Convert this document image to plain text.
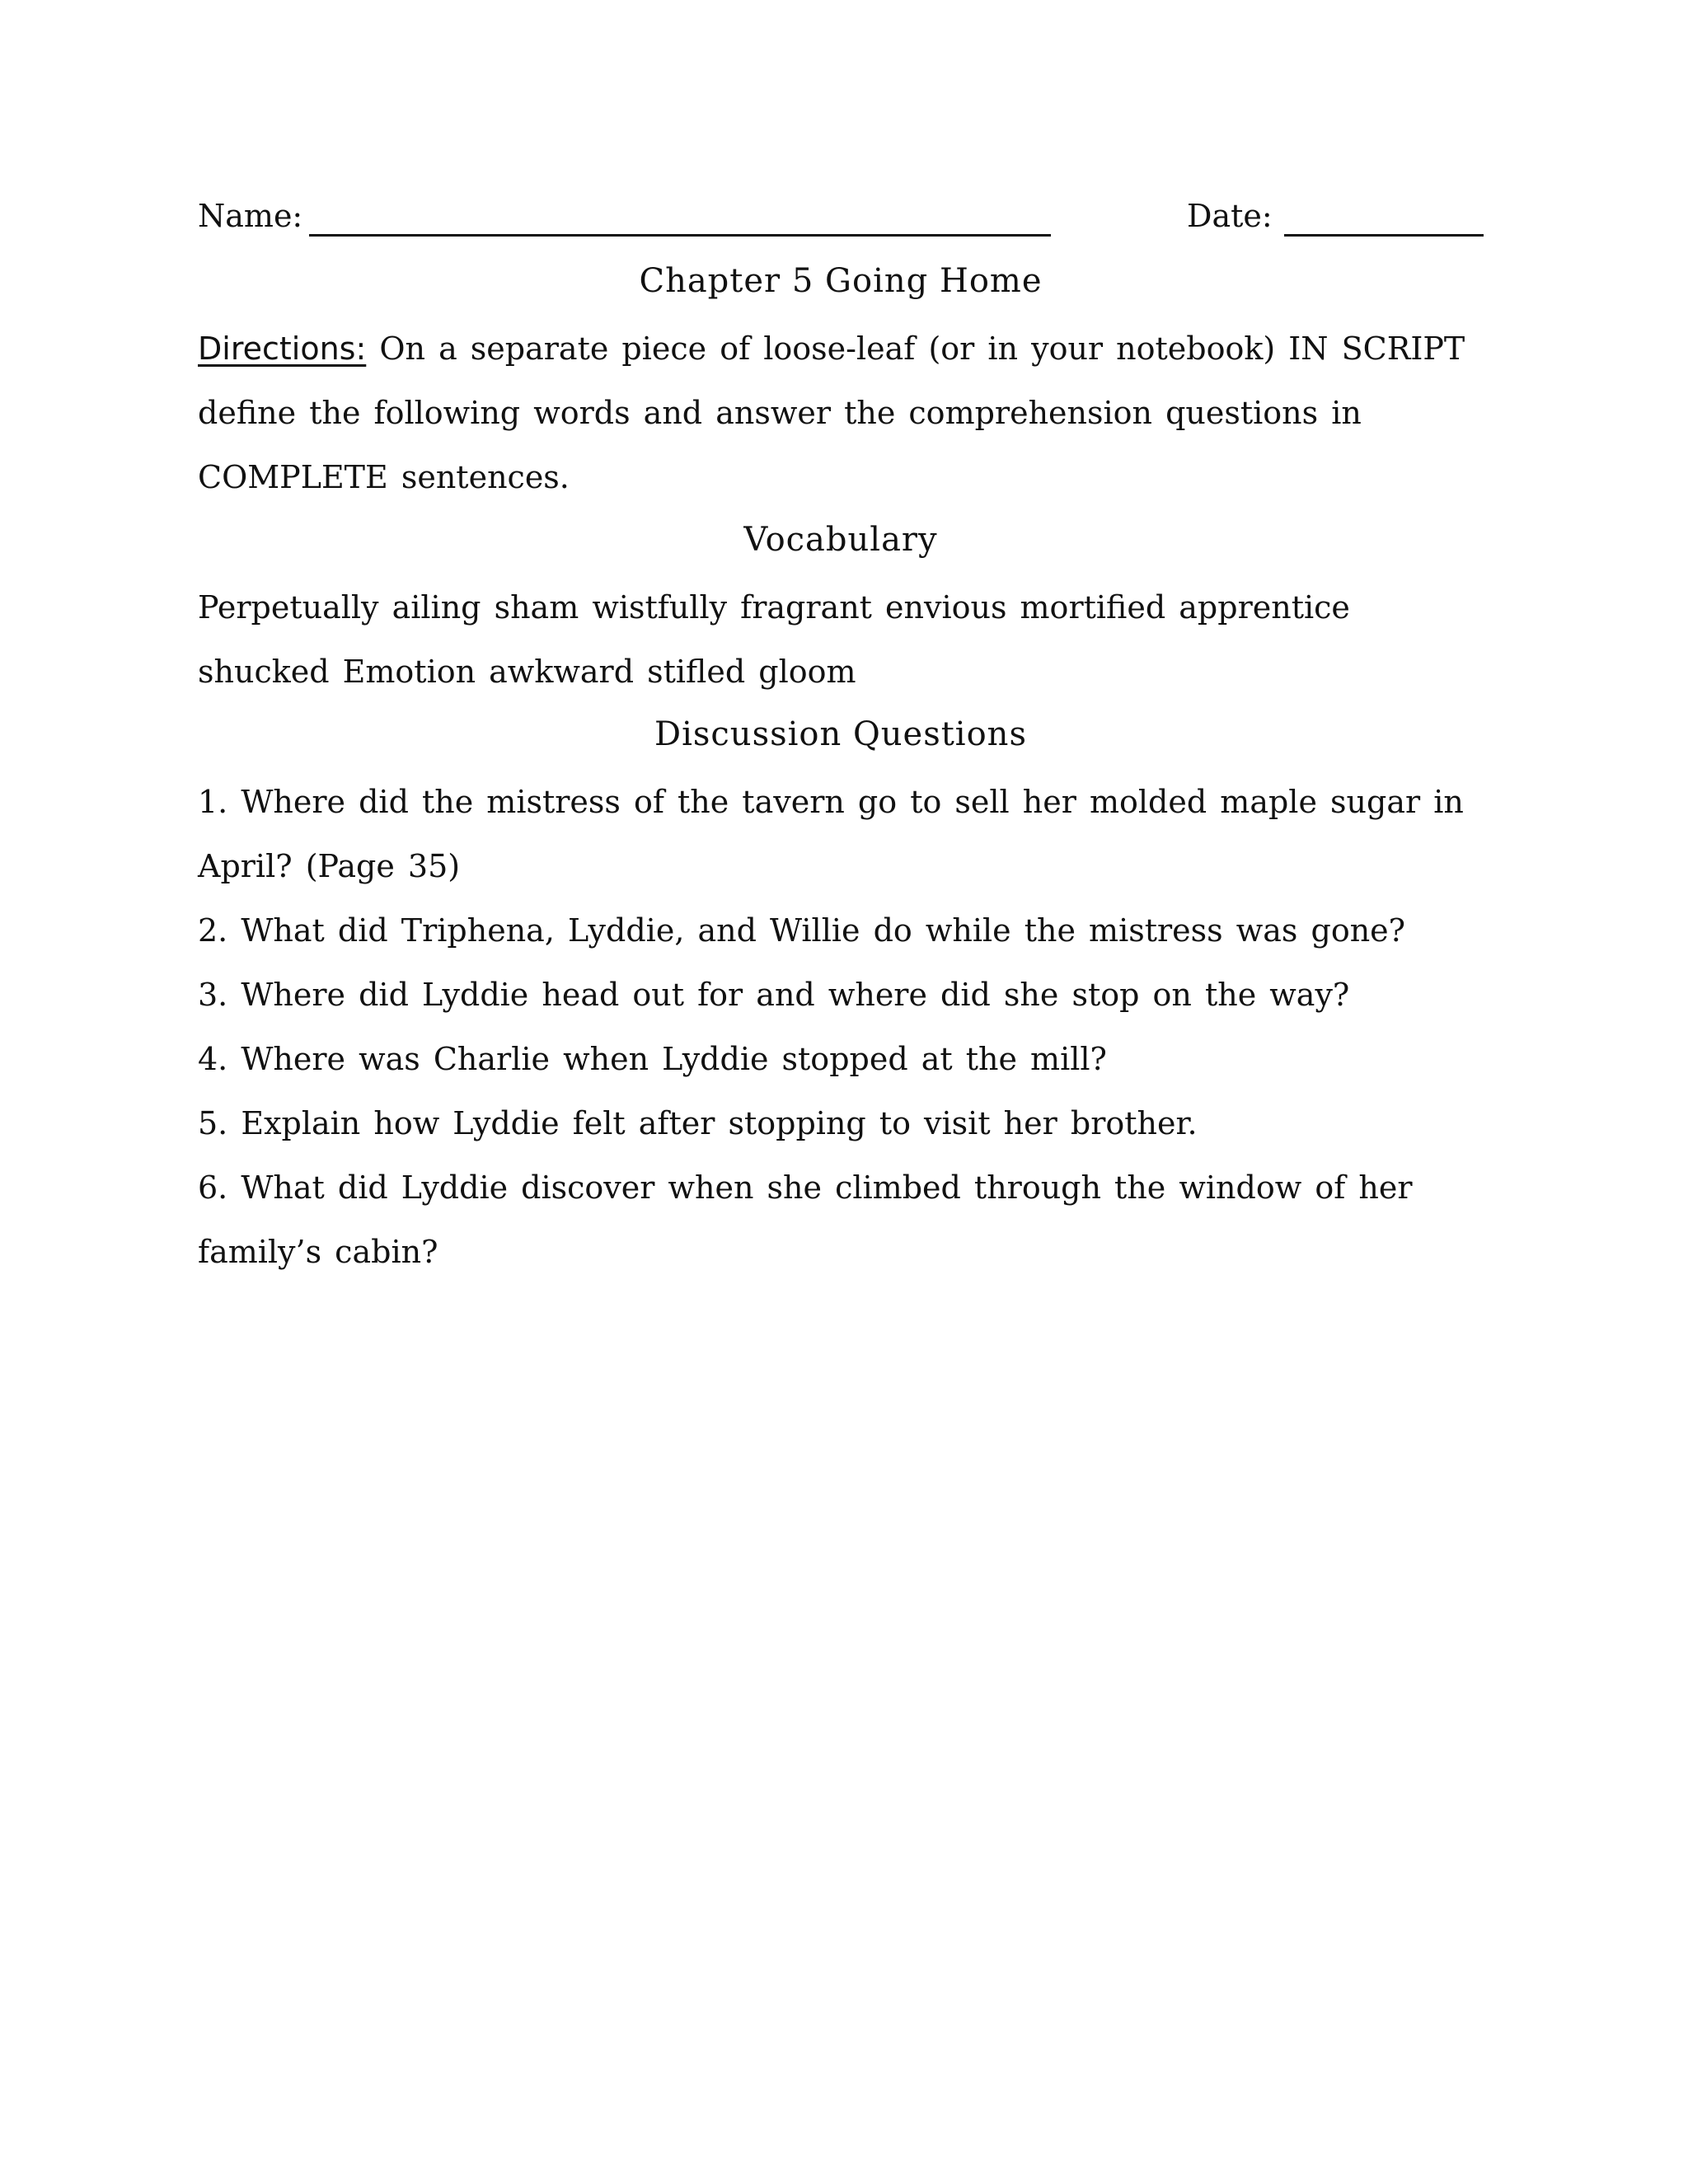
Name:	Date:
Chapter 5 Going Home
Directions: On a separate piece of loose-leaf (or in your notebook) IN SCRIPT define the following words and answer the comprehension questions in COMPLETE sentences.
Vocabulary
Perpetually ailing sham wistfully fragrant envious mortified apprentice shucked Emotion awkward stifled gloom
Discussion Questions
1. Where did the mistress of the tavern go to sell her molded maple sugar in April? (Page 35)
2. What did Triphena, Lyddie, and Willie do while the mistress was gone?
3. Where did Lyddie head out for and where did she stop on the way?
4. Where was Charlie when Lyddie stopped at the mill?
5. Explain how Lyddie felt after stopping to visit her brother.
6. What did Lyddie discover when she climbed through the window of her family’s cabin?
